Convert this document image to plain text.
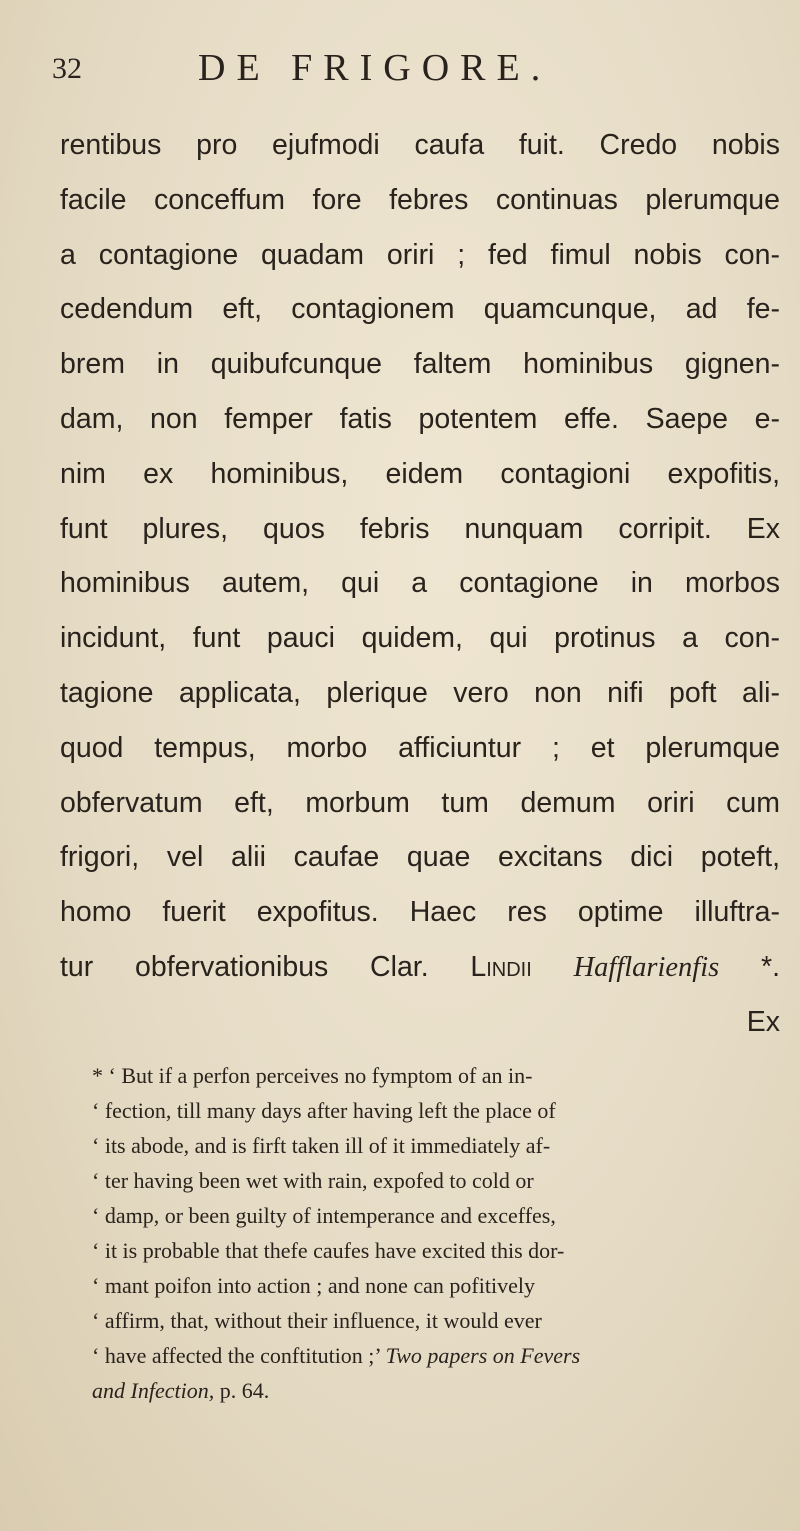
32	DE FRIGORE.
rentibus pro ejufmodi caufa fuit. Credo nobis
facile conceffum fore febres continuas plerumque
a contagione quadam oriri ; fed fimul nobis con-
cedendum eft, contagionem quamcunque, ad fe-
brem in quibufcunque faltem hominibus gignen-
dam, non femper fatis potentem effe. Saepe e-
nim ex hominibus, eidem contagioni expofitis,
funt plures, quos febris nunquam corripit. Ex
hominibus autem, qui a contagione in morbos
incidunt, funt pauci quidem, qui protinus a con-
tagione applicata, plerique vero non nifi poft ali-
quod tempus, morbo afficiuntur ; et plerumque
obfervatum eft, morbum tum demum oriri cum
frigori, vel alii caufae quae excitans dici poteft,
homo fuerit expofitus. Haec res optime illuftra-
tur obfervationibus Clar. Lindii Hafflarienfis *.
Ex
* ‘ But if a perfon perceives no fymptom of an in-
‘ fection, till many days after having left the place of
‘ its abode, and is firft taken ill of it immediately af-
‘ ter having been wet with rain, expofed to cold or
‘ damp, or been guilty of intemperance and exceffes,
‘ it is probable that thefe caufes have excited this dor-
‘ mant poifon into action ; and none can pofitively
‘ affirm, that, without their influence, it would ever
‘ have affected the conftitution ;’ Two papers on Fevers
and Infection, p. 64.
